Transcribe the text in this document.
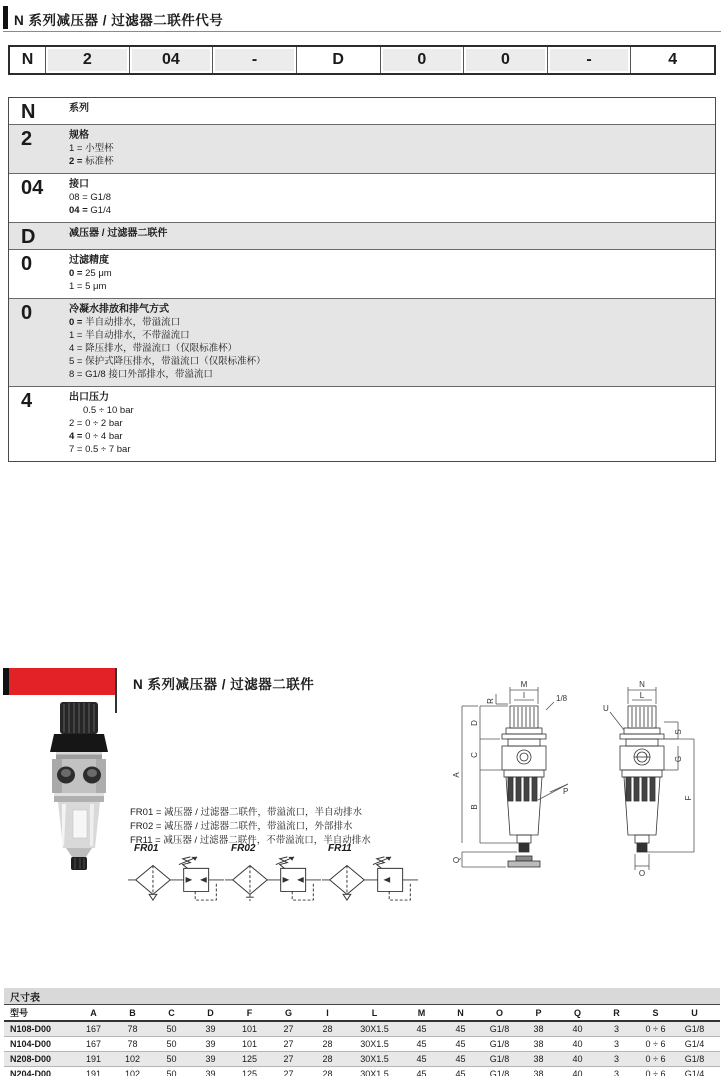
N 系列减压器 / 过滤器二联件代号
N	2	04	-	D	0	0	-	4
N	系列
2	规格
1 = 小型杯
2 = 标准杯
04	接口
08 = G1/8
04 = G1/4
D	减压器 / 过滤器二联件
0	过滤精度
0 = 25 μm
1 = 5 μm
0	冷凝水排放和排气方式
0 = 半自动排水，带溢流口
1 = 半自动排水，不带溢流口
4 = 降压排水，带溢流口（仅限标准杯）
5 = 保护式降压排水，带溢流口（仅限标准杯）
8 = G1/8 接口外部排水，带溢流口
4	出口压力
0.5 ÷ 10 bar
2 = 0 ÷ 2 bar
4 = 0 ÷ 4 bar
7 = 0.5 ÷ 7 bar
N 系列减压器 / 过滤器二联件
FR01 = 减压器 / 过滤器二联件，带溢流口，半自动排水
FR02 = 减压器 / 过滤器二联件，带溢流口，外部排水
FR11 = 减压器 / 过滤器二联件，不带溢流口，半自动排水
FR01	FR02	FR11
M
I
R	1/8
D
C
A
B
Q
P
N
L
U
S
G
F
O
尺寸表
型号	A	B	C	D	F	G	I	L	M	N	O	P	Q	R	S	U
N108-D00	167	78	50	39	101	27	28	30X1.5	45	45	G1/8	38	40	3	0 ÷ 6	G1/8
N104-D00	167	78	50	39	101	27	28	30X1.5	45	45	G1/8	38	40	3	0 ÷ 6	G1/4
N208-D00	191	102	50	39	125	27	28	30X1.5	45	45	G1/8	38	40	3	0 ÷ 6	G1/8
N204-D00	191	102	50	39	125	27	28	30X1.5	45	45	G1/8	38	40	3	0 ÷ 6	G1/4
